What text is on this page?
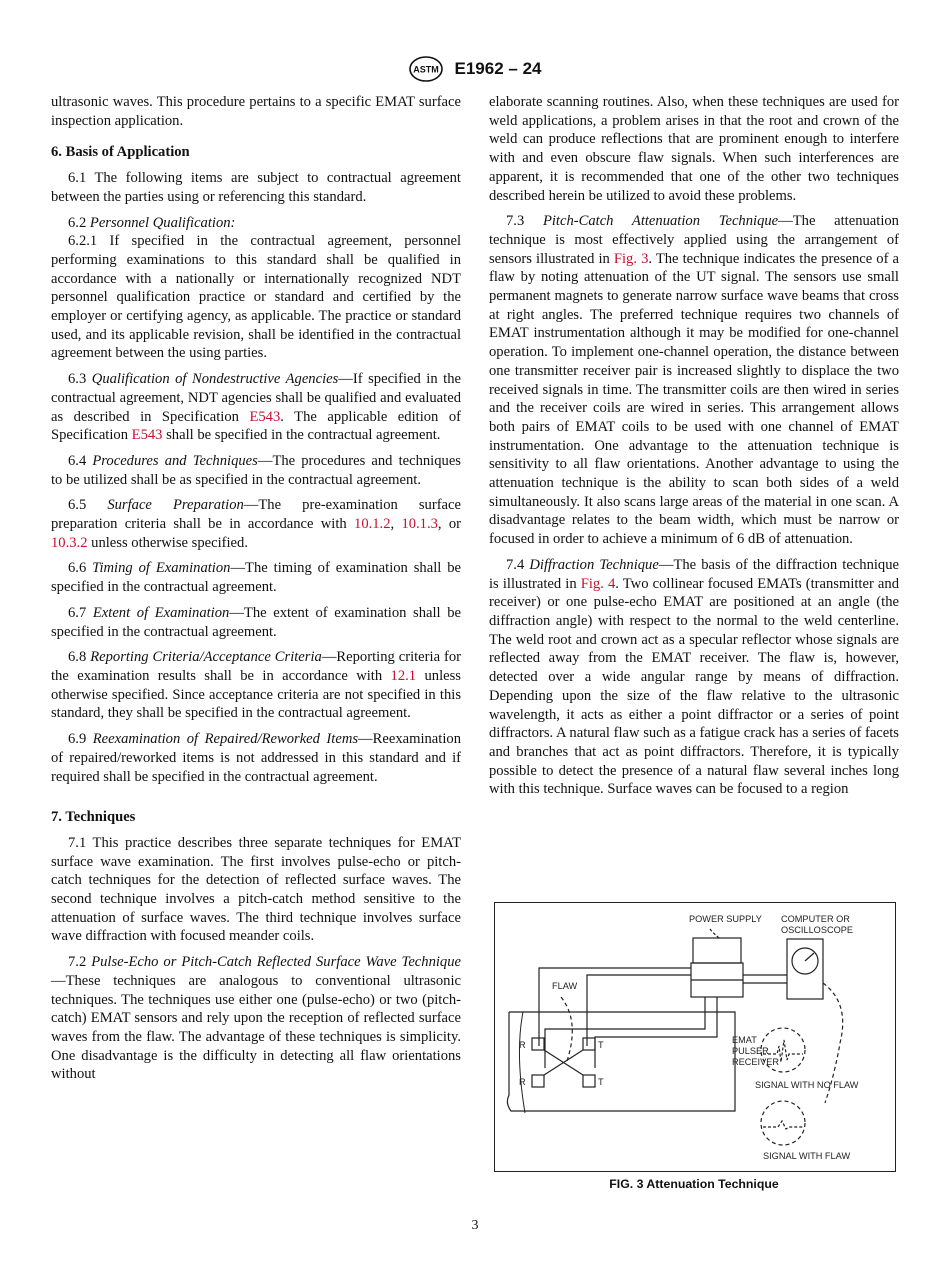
ASTM E1962 – 24

ultrasonic waves. This procedure pertains to a specific EMAT surface inspection application.

6. Basis of Application

6.1 The following items are subject to contractual agreement between the parties using or referencing this standard.

6.2 Personnel Qualification:

6.2.1 If specified in the contractual agreement, personnel performing examinations to this standard shall be qualified in accordance with a nationally or internationally recognized NDT personnel qualification practice or standard and certified by the employer or certifying agency, as applicable. The practice or standard used, and its applicable revision, shall be identified in the contractual agreement between the using parties.

6.3 Qualification of Nondestructive Agencies—If specified in the contractual agreement, NDT agencies shall be qualified and evaluated as described in Specification E543. The applicable edition of Specification E543 shall be specified in the contractual agreement.

6.4 Procedures and Techniques—The procedures and techniques to be utilized shall be as specified in the contractual agreement.

6.5 Surface Preparation—The pre-examination surface preparation criteria shall be in accordance with 10.1.2, 10.1.3, or 10.3.2 unless otherwise specified.

6.6 Timing of Examination—The timing of examination shall be specified in the contractual agreement.

6.7 Extent of Examination—The extent of examination shall be specified in the contractual agreement.

6.8 Reporting Criteria/Acceptance Criteria—Reporting criteria for the examination results shall be in accordance with 12.1 unless otherwise specified. Since acceptance criteria are not specified in this standard, they shall be specified in the contractual agreement.

6.9 Reexamination of Repaired/Reworked Items—Reexamination of repaired/reworked items is not addressed in this standard and if required shall be specified in the contractual agreement.

7. Techniques

7.1 This practice describes three separate techniques for EMAT surface wave examination. The first involves pulse-echo or pitch-catch techniques for the detection of reflected surface waves. The second technique involves a pitch-catch method sensitive to the attenuation of surface waves. The third technique involves surface wave diffraction with focused meander coils.

7.2 Pulse-Echo or Pitch-Catch Reflected Surface Wave Technique—These techniques are analogous to conventional ultrasonic techniques. The techniques use either one (pulse-echo) or two (pitch-catch) EMAT sensors and rely upon the reception of reflected surface waves from the flaw. The advantage of these techniques is simplicity. One disadvantage is the difficulty in detecting all flaw orientations without

elaborate scanning routines. Also, when these techniques are used for weld applications, a problem arises in that the root and crown of the weld can produce reflections that are prominent enough to interfere with and even obscure flaw signals. When such interferences are apparent, it is recommended that one of the other two techniques described herein be utilized to avoid these problems.

7.3 Pitch-Catch Attenuation Technique—The attenuation technique is most effectively applied using the arrangement of sensors illustrated in Fig. 3. The technique indicates the presence of a flaw by noting attenuation of the UT signal. The sensors use small permanent magnets to generate narrow surface wave beams that cross at right angles. The preferred technique requires two channels of EMAT instrumentation although it may be modified for one-channel operation. To implement one-channel operation, the distance between one transmitter receiver pair is increased slightly to displace the two received signals in time. The transmitter coils are then wired in series and the receiver coils are wired in series. This arrangement allows both pairs of EMAT coils to be used with one channel of EMAT instrumentation. One advantage to the attenuation technique is sensitivity to all flaw orientations. Another advantage to using the attenuation technique is the ability to scan both sides of a weld simultaneously. It also scans large areas of the material in one scan. A disadvantage relates to the beam width, which must be narrow or focused in order to achieve a minimum of 6 dB of attenuation.

7.4 Diffraction Technique—The basis of the diffraction technique is illustrated in Fig. 4. Two collinear focused EMATs (transmitter and receiver) or one pulse-echo EMAT are positioned at an angle (the diffraction angle) with respect to the normal to the weld centerline. The weld root and crown act as a specular reflector whose signals are reflected away from the EMAT receiver. The flaw is, however, detected over a wide angular range by means of diffraction. Depending upon the size of the flaw relative to the ultrasonic wavelength, it acts as either a point diffractor or a series of point diffractors. A natural flaw such as a fatigue crack has a series of facets and branches that act as point diffractors. Therefore, it is typically possible to detect the presence of a natural flaw several inches long with this technique. Surface waves can be focused to a region

POWER SUPPLY COMPUTER OR
OSCILLOSCOPE
FLAW
EMAT
PULSER
RECEIVER
SIGNAL WITH NO FLAW
SIGNAL WITH FLAW
R	T
R	T
FIG. 3 Attenuation Technique
3
